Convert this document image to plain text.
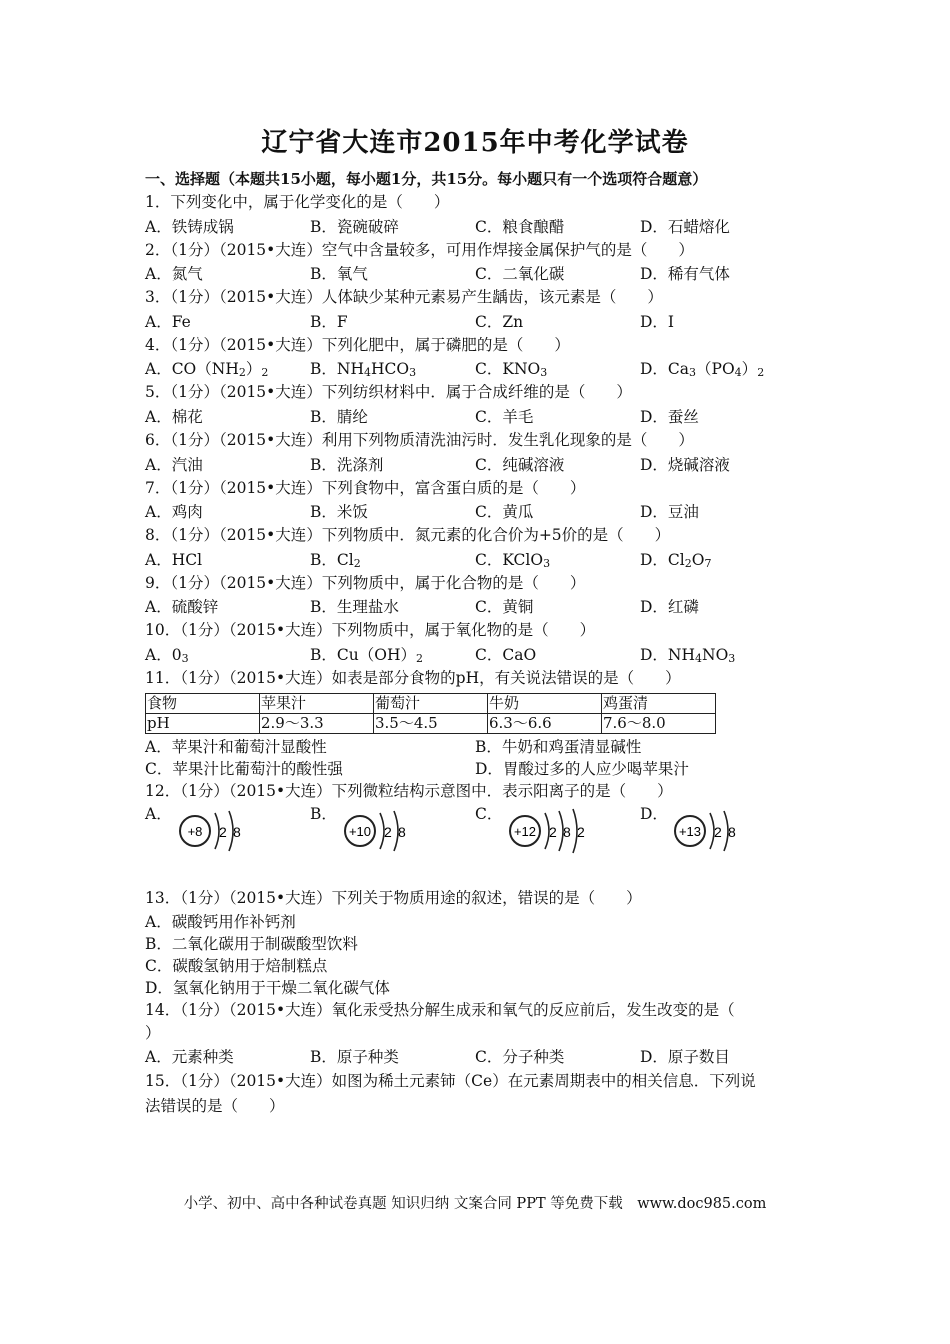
辽宁省大连市2015年中考化学试卷
一、选择题（本题共15小题，每小题1分，共15分。每小题只有一个选项符合题意）
1．下列变化中，属于化学变化的是（　　）
A．铁铸成锅	B．瓷碗破碎	C．粮食酿醋	D．石蜡熔化
2．（1分）（2015•大连）空气中含量较多，可用作焊接金属保护气的是（　　）
A．氮气	B．氧气	C．二氧化碳	D．稀有气体
3．（1分）（2015•大连）人体缺少某种元素易产生龋齿，该元素是（　　）
A．Fe	B．F	C．Zn	D．I
4．（1分）（2015•大连）下列化肥中，属于磷肥的是（　　）
A．$CO(NH_2)_2$	B．$NH_4HCO_3$	C．$KNO_3$	D．$Ca_3(PO_4)_2$
5．（1分）（2015•大连）下列纺织材料中．属于合成纤维的是（　　）
A．棉花	B．腈纶	C．羊毛	D．蚕丝
6．（1分）（2015•大连）利用下列物质清洗油污时．发生乳化现象的是（　　）
A．汽油	B．洗涤剂	C．纯碱溶液	D．烧碱溶液
7．（1分）（2015•大连）下列食物中，富含蛋白质的是（　　）
A．鸡肉	B．米饭	C．黄瓜	D．豆油
8．（1分）（2015•大连）下列物质中．氮元素的化合价为+5价的是（　　）
A．HCl	B．$Cl_2$	C．KClO$_3$	D．$Cl_2O_7$
9．（1分）（2015•大连）下列物质中，属于化合物的是（　　）
A．硫酸锌	B．生理盐水	C．黄铜	D．红磷
10．（1分）（2015•大连）下列物质中，属于氧化物的是（　　）
A．$0_3$	B．$Cu(OH)_2$	C．CaO	D．$NH_4NO_3$
11．（1分）（2015•大连）如表是部分食物的pH，有关说法错误的是（　　）
食物	苹果汁	葡萄汁	牛奶	鸡蛋清
pH	2.9～3.3	3.5～4.5	6.3～6.6	7.6～8.0
A．苹果汁和葡萄汁显酸性	B．牛奶和鸡蛋清显碱性
C．苹果汁比葡萄汁的酸性强	D．胃酸过多的人应少喝苹果汁
12．（1分）（2015•大连）下列微粒结构示意图中．表示阳离子的是（　　）
A．
+8 2 8
B．
+10 2 8
C．
+12 2 8 2
D．
+13 2 8
13．（1分）（2015•大连）下列关于物质用途的叙述，错误的是（　　）
A．碳酸钙用作补钙剂
B．二氧化碳用于制碳酸型饮料
C．碳酸氢钠用于焙制糕点
D．氢氧化钠用于干燥二氧化碳气体
14．（1分）（2015•大连）氧化汞受热分解生成汞和氧气的反应前后，发生改变的是（
）
A．元素种类	B．原子种类	C．分子种类	D．原子数目
15．（1分）（2015•大连）如图为稀土元素铈（Ce）在元素周期表中的相关信息．下列说
法错误的是（　　）
小学、初中、高中各种试卷真题 知识归纳 文案合同 PPT 等免费下载　www.doc985.com
